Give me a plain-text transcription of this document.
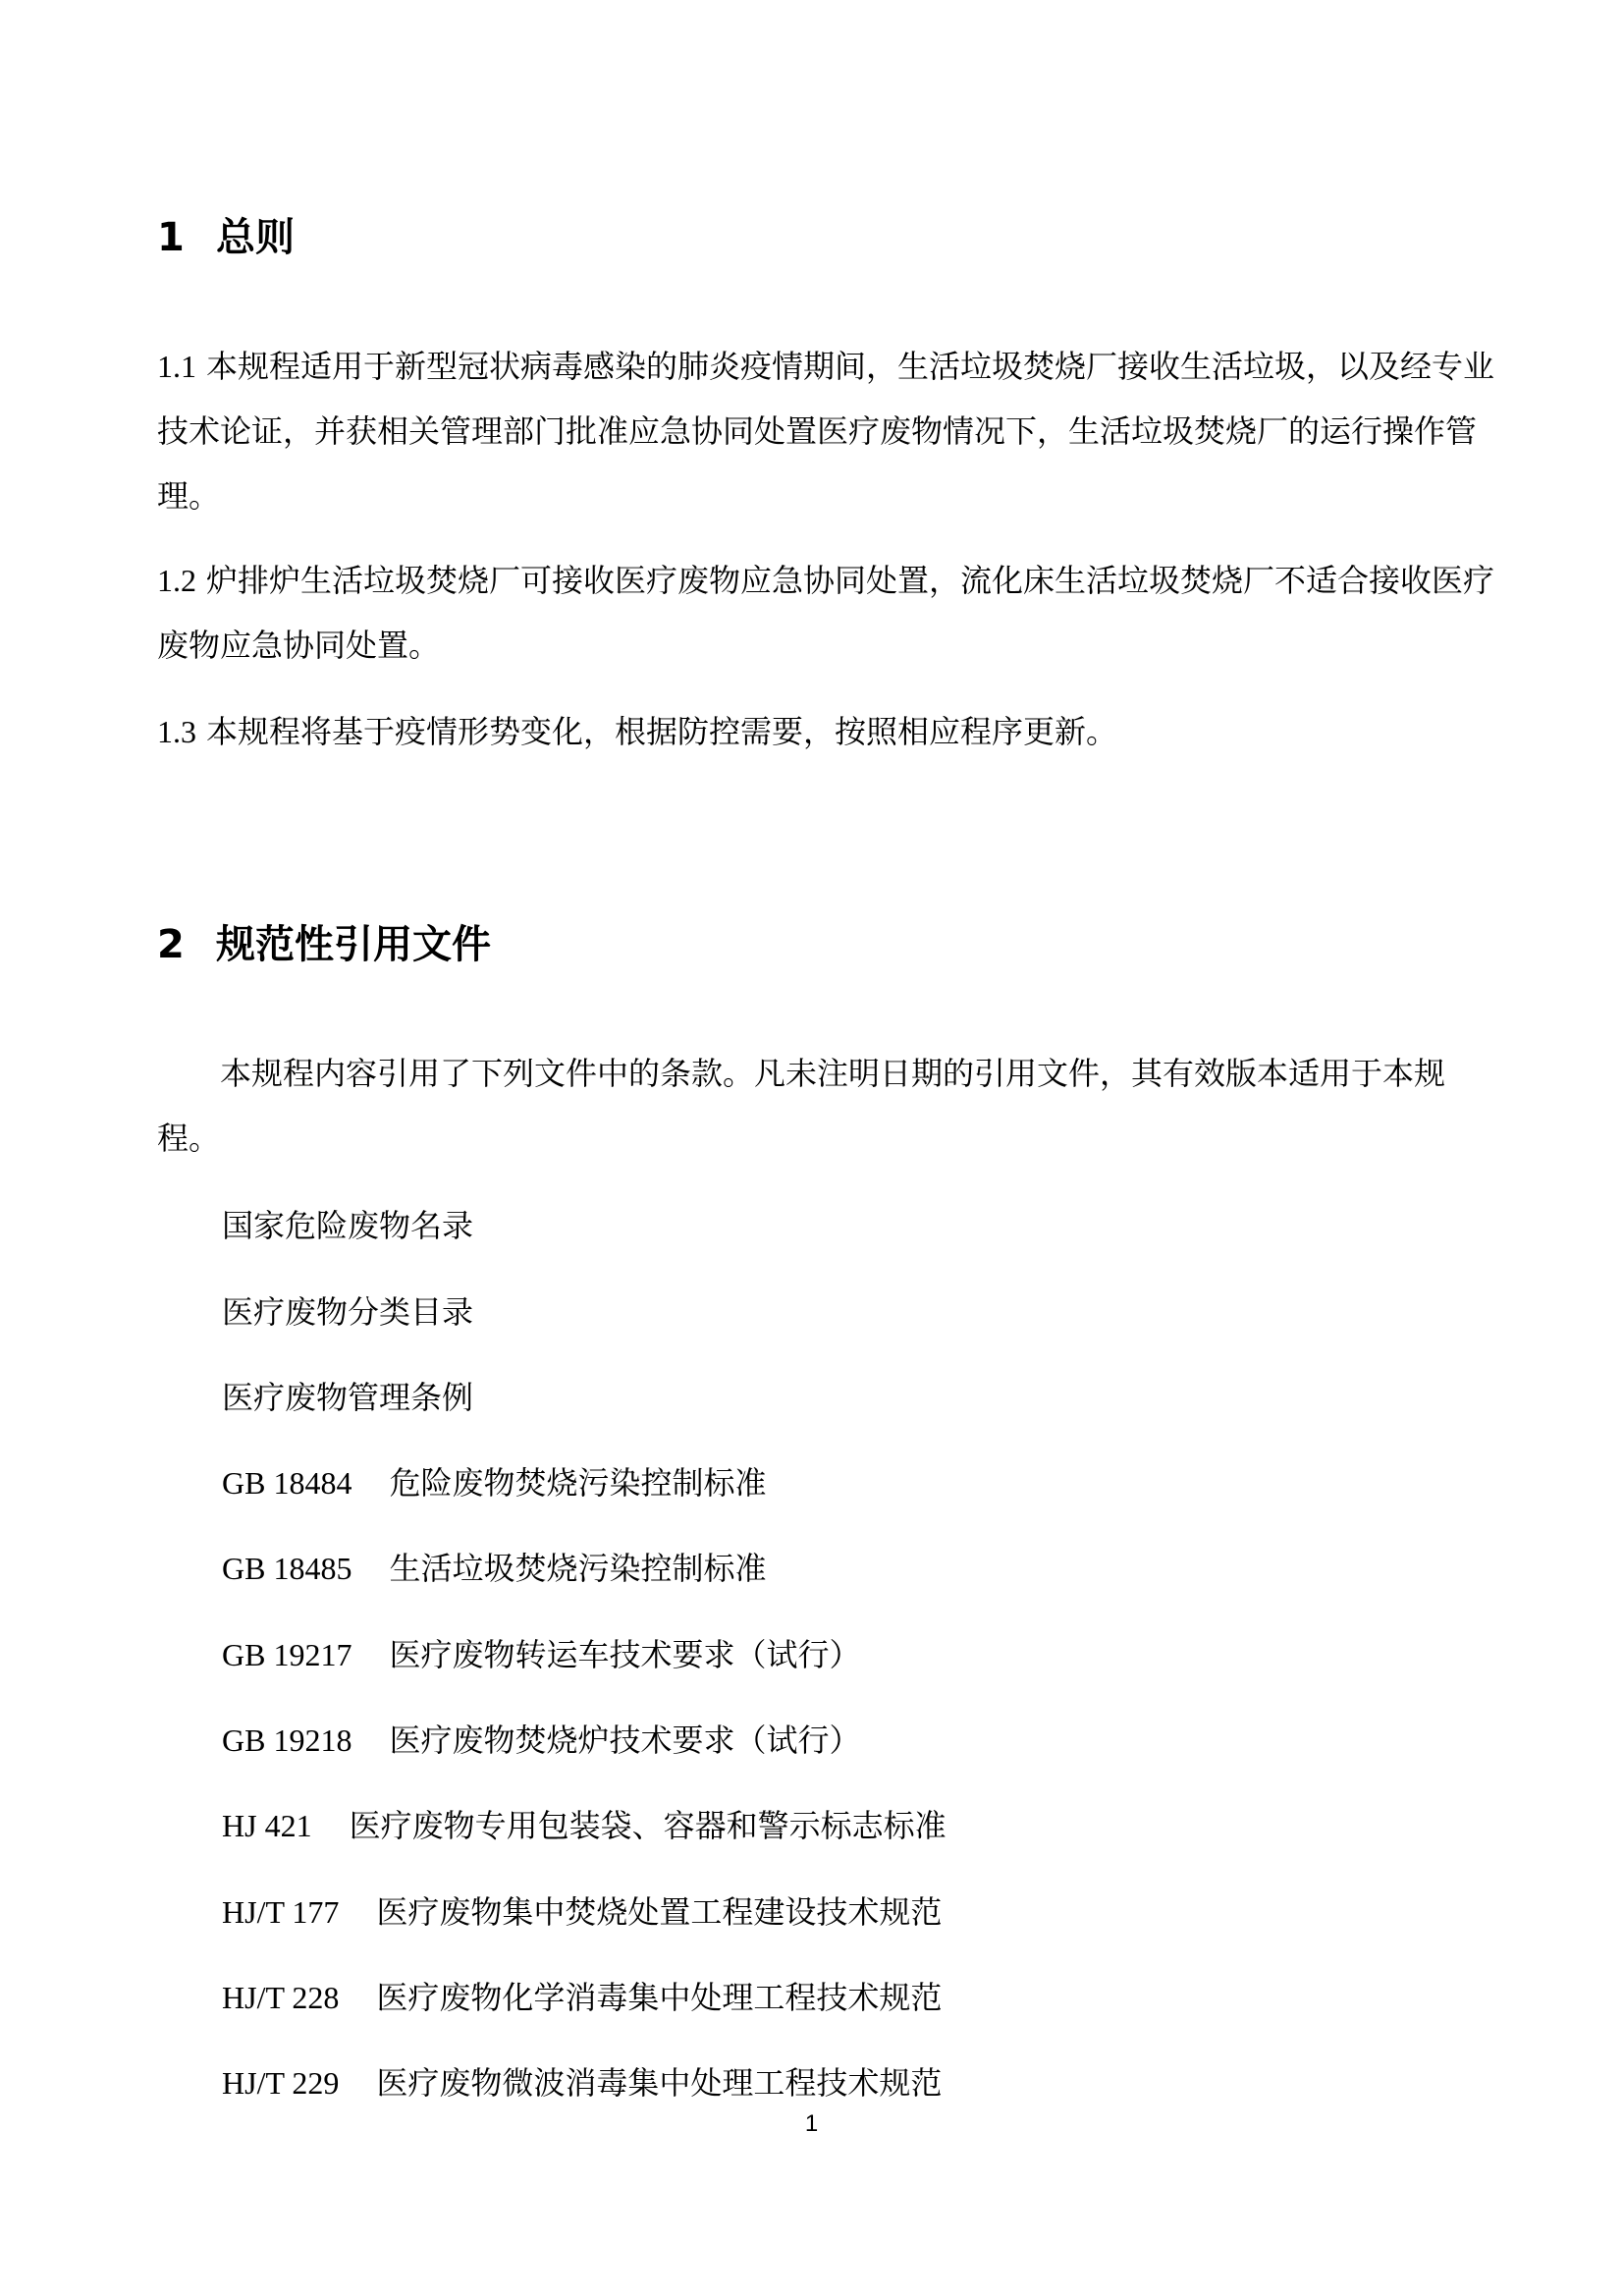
1 总则

1.1 本规程适用于新型冠状病毒感染的肺炎疫情期间，生活垃圾焚烧厂接收生活垃圾，以及经专业技术论证，并获相关管理部门批准应急协同处置医疗废物情况下，生活垃圾焚烧厂的运行操作管理。

1.2 炉排炉生活垃圾焚烧厂可接收医疗废物应急协同处置，流化床生活垃圾焚烧厂不适合接收医疗废物应急协同处置。

1.3 本规程将基于疫情形势变化，根据防控需要，按照相应程序更新。

2 规范性引用文件

本规程内容引用了下列文件中的条款。凡未注明日期的引用文件，其有效版本适用于本规程。

国家危险废物名录
医疗废物分类目录
医疗废物管理条例
GB 18484 危险废物焚烧污染控制标准
GB 18485 生活垃圾焚烧污染控制标准
GB 19217 医疗废物转运车技术要求（试行）
GB 19218 医疗废物焚烧炉技术要求（试行）
HJ 421 医疗废物专用包装袋、容器和警示标志标准
HJ/T 177 医疗废物集中焚烧处置工程建设技术规范
HJ/T 228 医疗废物化学消毒集中处理工程技术规范
HJ/T 229 医疗废物微波消毒集中处理工程技术规范
1
